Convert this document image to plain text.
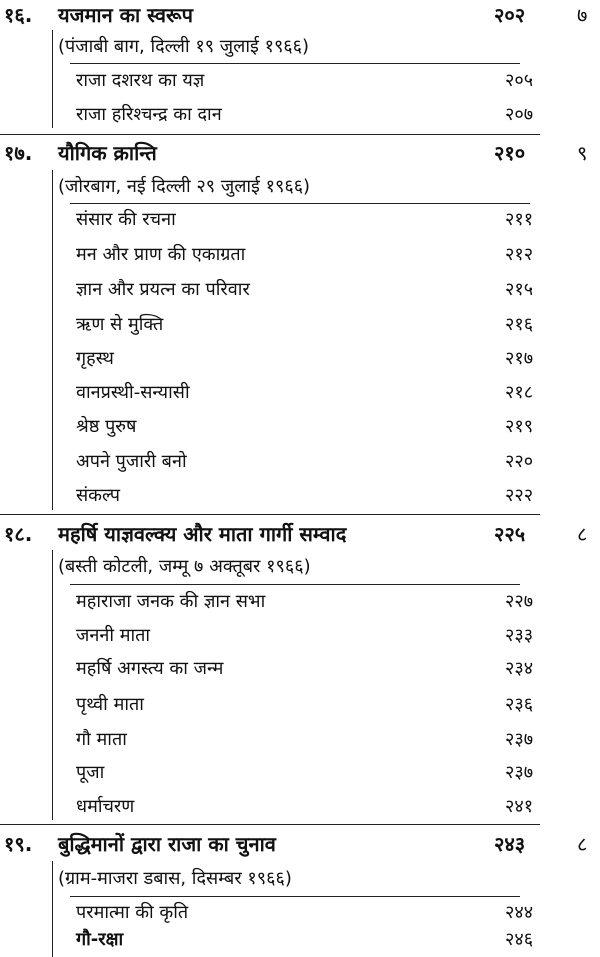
१६. यजमान का स्वरूप	२०२	७
(पंजाबी बाग, दिल्ली १९ जुलाई १९६६)
राजा दशरथ का यज्ञ	२०५
राजा हरिश्चन्द्र का दान	२०७
१७. यौगिक क्रान्ति	२१०	९
(जोरबाग, नई दिल्ली २९ जुलाई १९६६)
संसार की रचना	२११
मन और प्राण की एकाग्रता	२१२
ज्ञान और प्रयत्न का परिवार	२१५
ऋण से मुक्ति	२१६
गृहस्थ	२१७
वानप्रस्थी-सन्यासी	२१८
श्रेष्ठ पुरुष	२१९
अपने पुजारी बनो	२२०
संकल्प	२२२
१८. महर्षि याज्ञवल्क्य और माता गार्गी सम्वाद	२२५	८
(बस्ती कोटली, जम्मू ७ अक्तूबर १९६६)
महाराजा जनक की ज्ञान सभा	२२७
जननी माता	२३३
महर्षि अगस्त्य का जन्म	२३४
पृथ्वी माता	२३६
गौ माता	२३७
पूजा	२३७
धर्माचरण	२४१
१९. बुद्धिमानों द्वारा राजा का चुनाव	२४३	८
(ग्राम-माजरा डबास, दिसम्बर १९६६)
परमात्मा की कृति	२४४
गौ-रक्षा	२४६
